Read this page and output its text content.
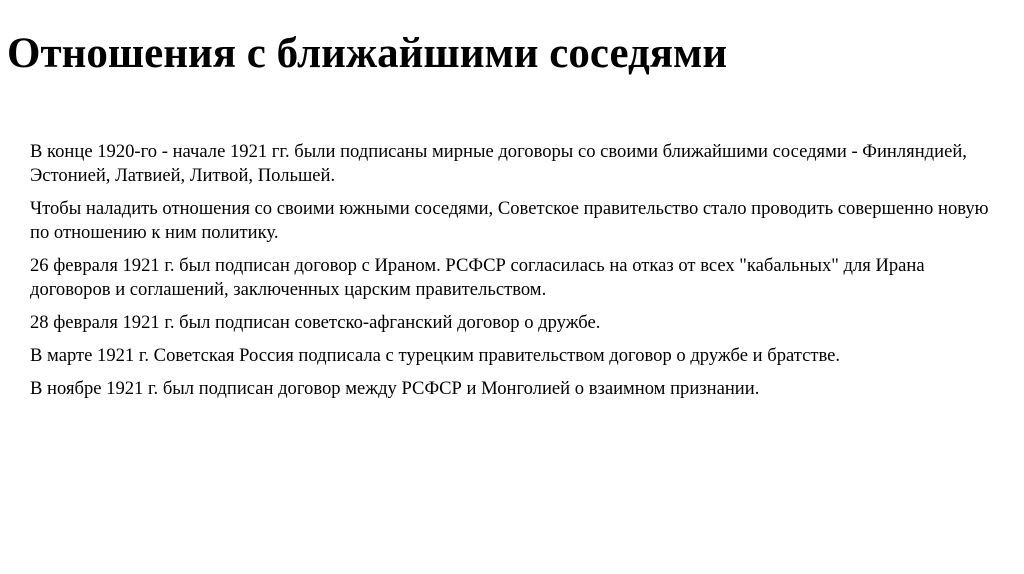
Отношения с ближайшими соседями

В конце 1920-го - начале 1921 гг. были подписаны мирные договоры со своими ближайшими соседями - Финляндией, Эстонией, Латвией, Литвой, Польшей.

Чтобы наладить отношения со своими южными соседями, Советское правительство стало проводить совершенно новую по отношению к ним политику.

26 февраля 1921 г. был подписан договор с Ираном. РСФСР согласилась на отказ от всех "кабальных" для Ирана договоров и соглашений, заключенных царским правительством.

28 февраля 1921 г. был подписан советско-афганский договор о дружбе.

В марте 1921 г. Советская Россия подписала с турецким правительством договор о дружбе и братстве.

В ноябре 1921 г. был подписан договор между РСФСР и Монголией о взаимном признании.
